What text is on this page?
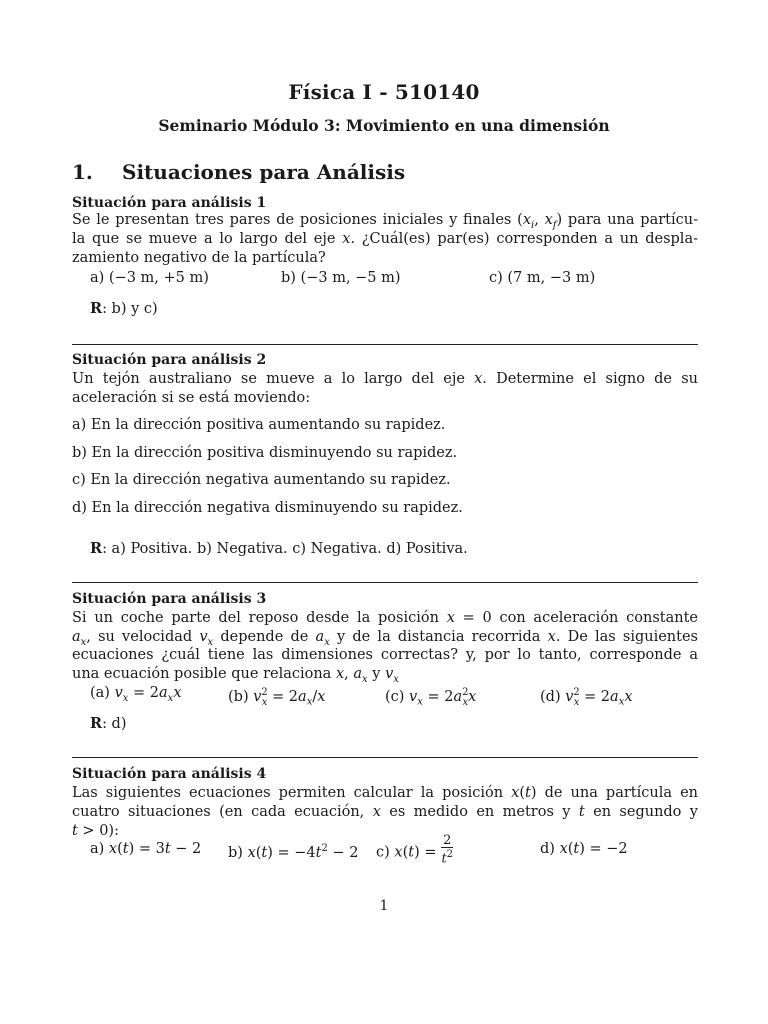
Física I - 510140
Seminario Módulo 3: Movimiento en una dimensión
1. Situaciones para Análisis
Situación para análisis 1
Se le presentan tres pares de posiciones iniciales y finales ($x_i$, $x_f$) para una partícu-
la que se mueve a lo largo del eje x. ¿Cuál(es) par(es) corresponden a un despla-
zamiento negativo de la partícula?
a) (−3 m, +5 m)	b) (−3 m, −5 m)	c) (7 m, −3 m)
R: b) y c)
Situación para análisis 2
Un tejón australiano se mueve a lo largo del eje x. Determine el signo de su
aceleración si se está moviendo:
a) En la dirección positiva aumentando su rapidez.
b) En la dirección positiva disminuyendo su rapidez.
c) En la dirección negativa aumentando su rapidez.
d) En la dirección negativa disminuyendo su rapidez.
R: a) Positiva. b) Negativa. c) Negativa. d) Positiva.
Situación para análisis 3
Si un coche parte del reposo desde la posición x = 0 con aceleración constante
$a_x$, su velocidad $v_x$ depende de $a_x$ y de la distancia recorrida x. De las siguientes
ecuaciones ¿cuál tiene las dimensiones correctas? y, por lo tanto, corresponde a
una ecuación posible que relaciona x, $a_x$ y $v_x$
(a) $v_x = 2a_xx$	(b) $v^2_x = 2a_x/x$	(c) $v_x = 2a^2_xx$	(d) $v^2_x = 2a_xx$
R: d)
Situación para análisis 4
Las siguientes ecuaciones permiten calcular la posición x(t) de una partícula en
cuatro situaciones (en cada ecuación, x es medido en metros y t en segundo y
t > 0):
a) x(t) = 3t − 2 b) $x(t) = -4t^2 - 2$ c) $x(t) = \frac{2}{t^2}$	d) x(t) = −2
1
